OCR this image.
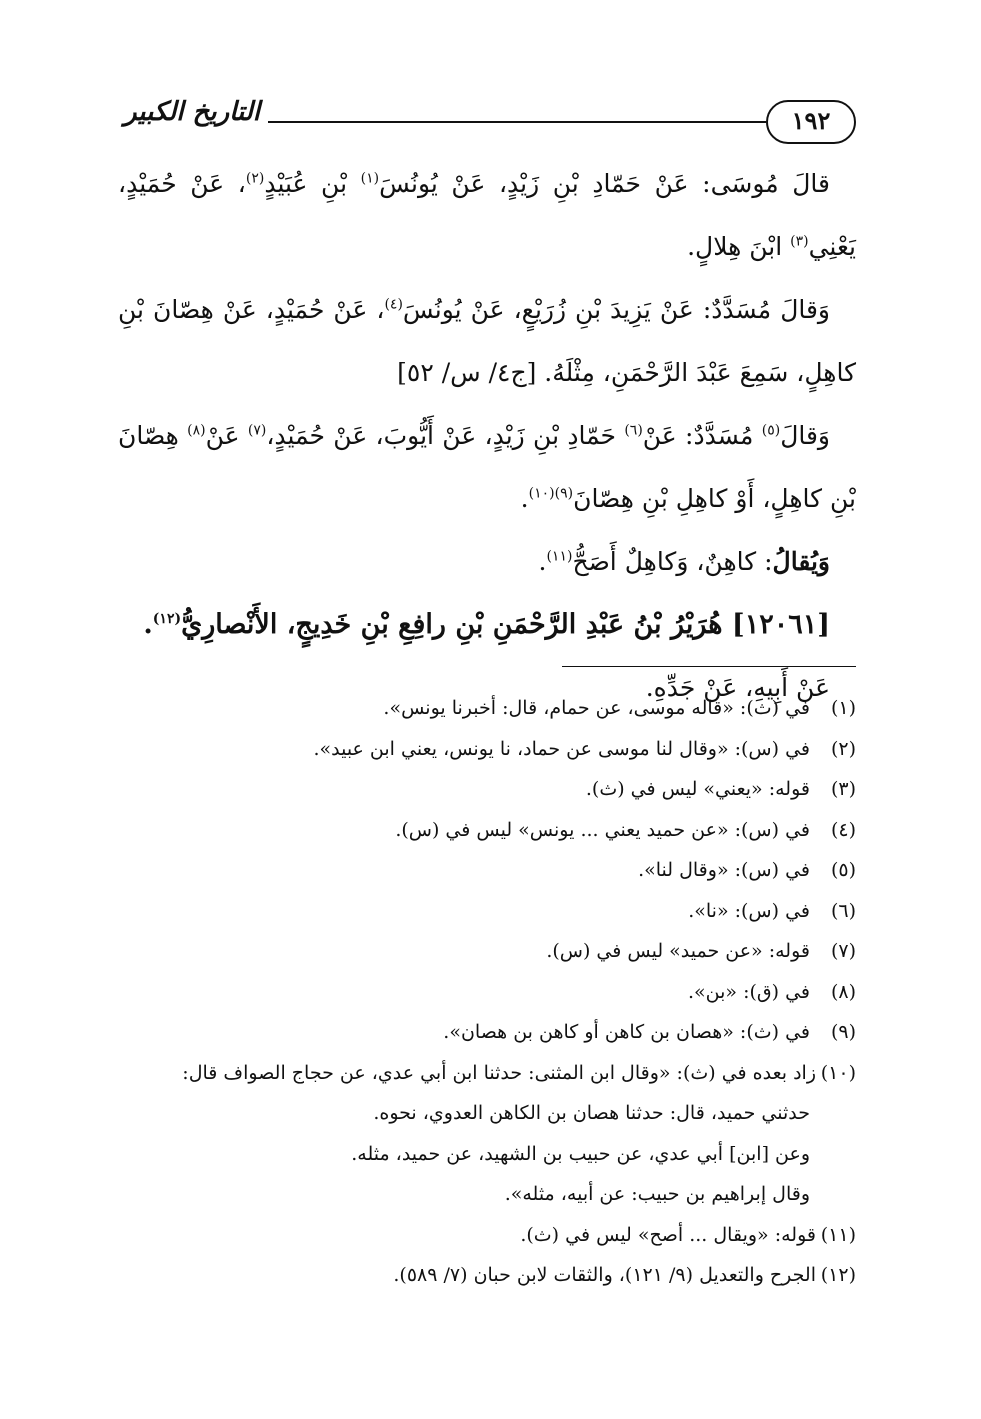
١٩٢
التاريخ الكبير

قالَ مُوسَى: عَنْ حَمّادِ بْنِ زَيْدٍ، عَنْ يُونُسَ$^{(١)}$ بْنِ عُبَيْدٍ$^{(٢)}$، عَنْ حُمَيْدٍ، يَعْنِي$^{(٣)}$ ابْنَ هِلالٍ.

وَقالَ مُسَدَّدٌ: عَنْ يَزِيدَ بْنِ زُرَيْعٍ، عَنْ يُونُسَ$^{(٤)}$، عَنْ حُمَيْدٍ، عَنْ هِصّانَ بْنِ كاهِلٍ، سَمِعَ عَبْدَ الرَّحْمَنِ، مِثْلَهُ. [ج٤/ س/ ٥٢]

وَقالَ$^{(٥)}$ مُسَدَّدٌ: عَنْ$^{(٦)}$ حَمّادِ بْنِ زَيْدٍ، عَنْ أَيُّوبَ، عَنْ حُمَيْدٍ،$^{(٧)}$ عَنْ$^{(٨)}$ هِصّانَ بْنِ كاهِلٍ، أَوْ كاهِلِ بْنِ هِصّانَ$^{(٩)(١٠)}$.

وَيُقالُ: كاهِنٌ، وَكاهِلٌ أَصَحُّ$^{(١١)}$.

[١٢٠٦١] هُرَيْرُ بْنُ عَبْدِ الرَّحْمَنِ بْنِ رافِعِ بْنِ خَدِيجٍ، الأَنْصارِيُّ$^{(١٢)}$.

عَنْ أَبِيهِ، عَنْ جَدِّهِ.

(١)
في (ث): «قاله موسى، عن حمام، قال: أخبرنا يونس».
(٢)
في (س): «وقال لنا موسى عن حماد، نا يونس، يعني ابن عبيد».
(٣)
قوله: «يعني» ليس في (ث).
(٤)
في (س): «عن حميد يعني ... يونس» ليس في (س).
(٥)
في (س): «وقال لنا».
(٦)
في (س): «نا».
(٧)
قوله: «عن حميد» ليس في (س).
(٨)
في (ق): «بن».
(٩)
في (ث): «هصان بن كاهن أو كاهن بن هصان».
(١٠)
زاد بعده في (ث): «وقال ابن المثنى: حدثنا ابن أبي عدي، عن حجاج الصواف قال:
حدثني حميد، قال: حدثنا هصان بن الكاهن العدوي، نحوه.
وعن [ابن] أبي عدي، عن حبيب بن الشهيد، عن حميد، مثله.
وقال إبراهيم بن حبيب: عن أبيه، مثله».
(١١)
قوله: «ويقال ... أصح» ليس في (ث).
(١٢)
الجرح والتعديل (٩/ ١٢١)، والثقات لابن حبان (٧/ ٥٨٩).
